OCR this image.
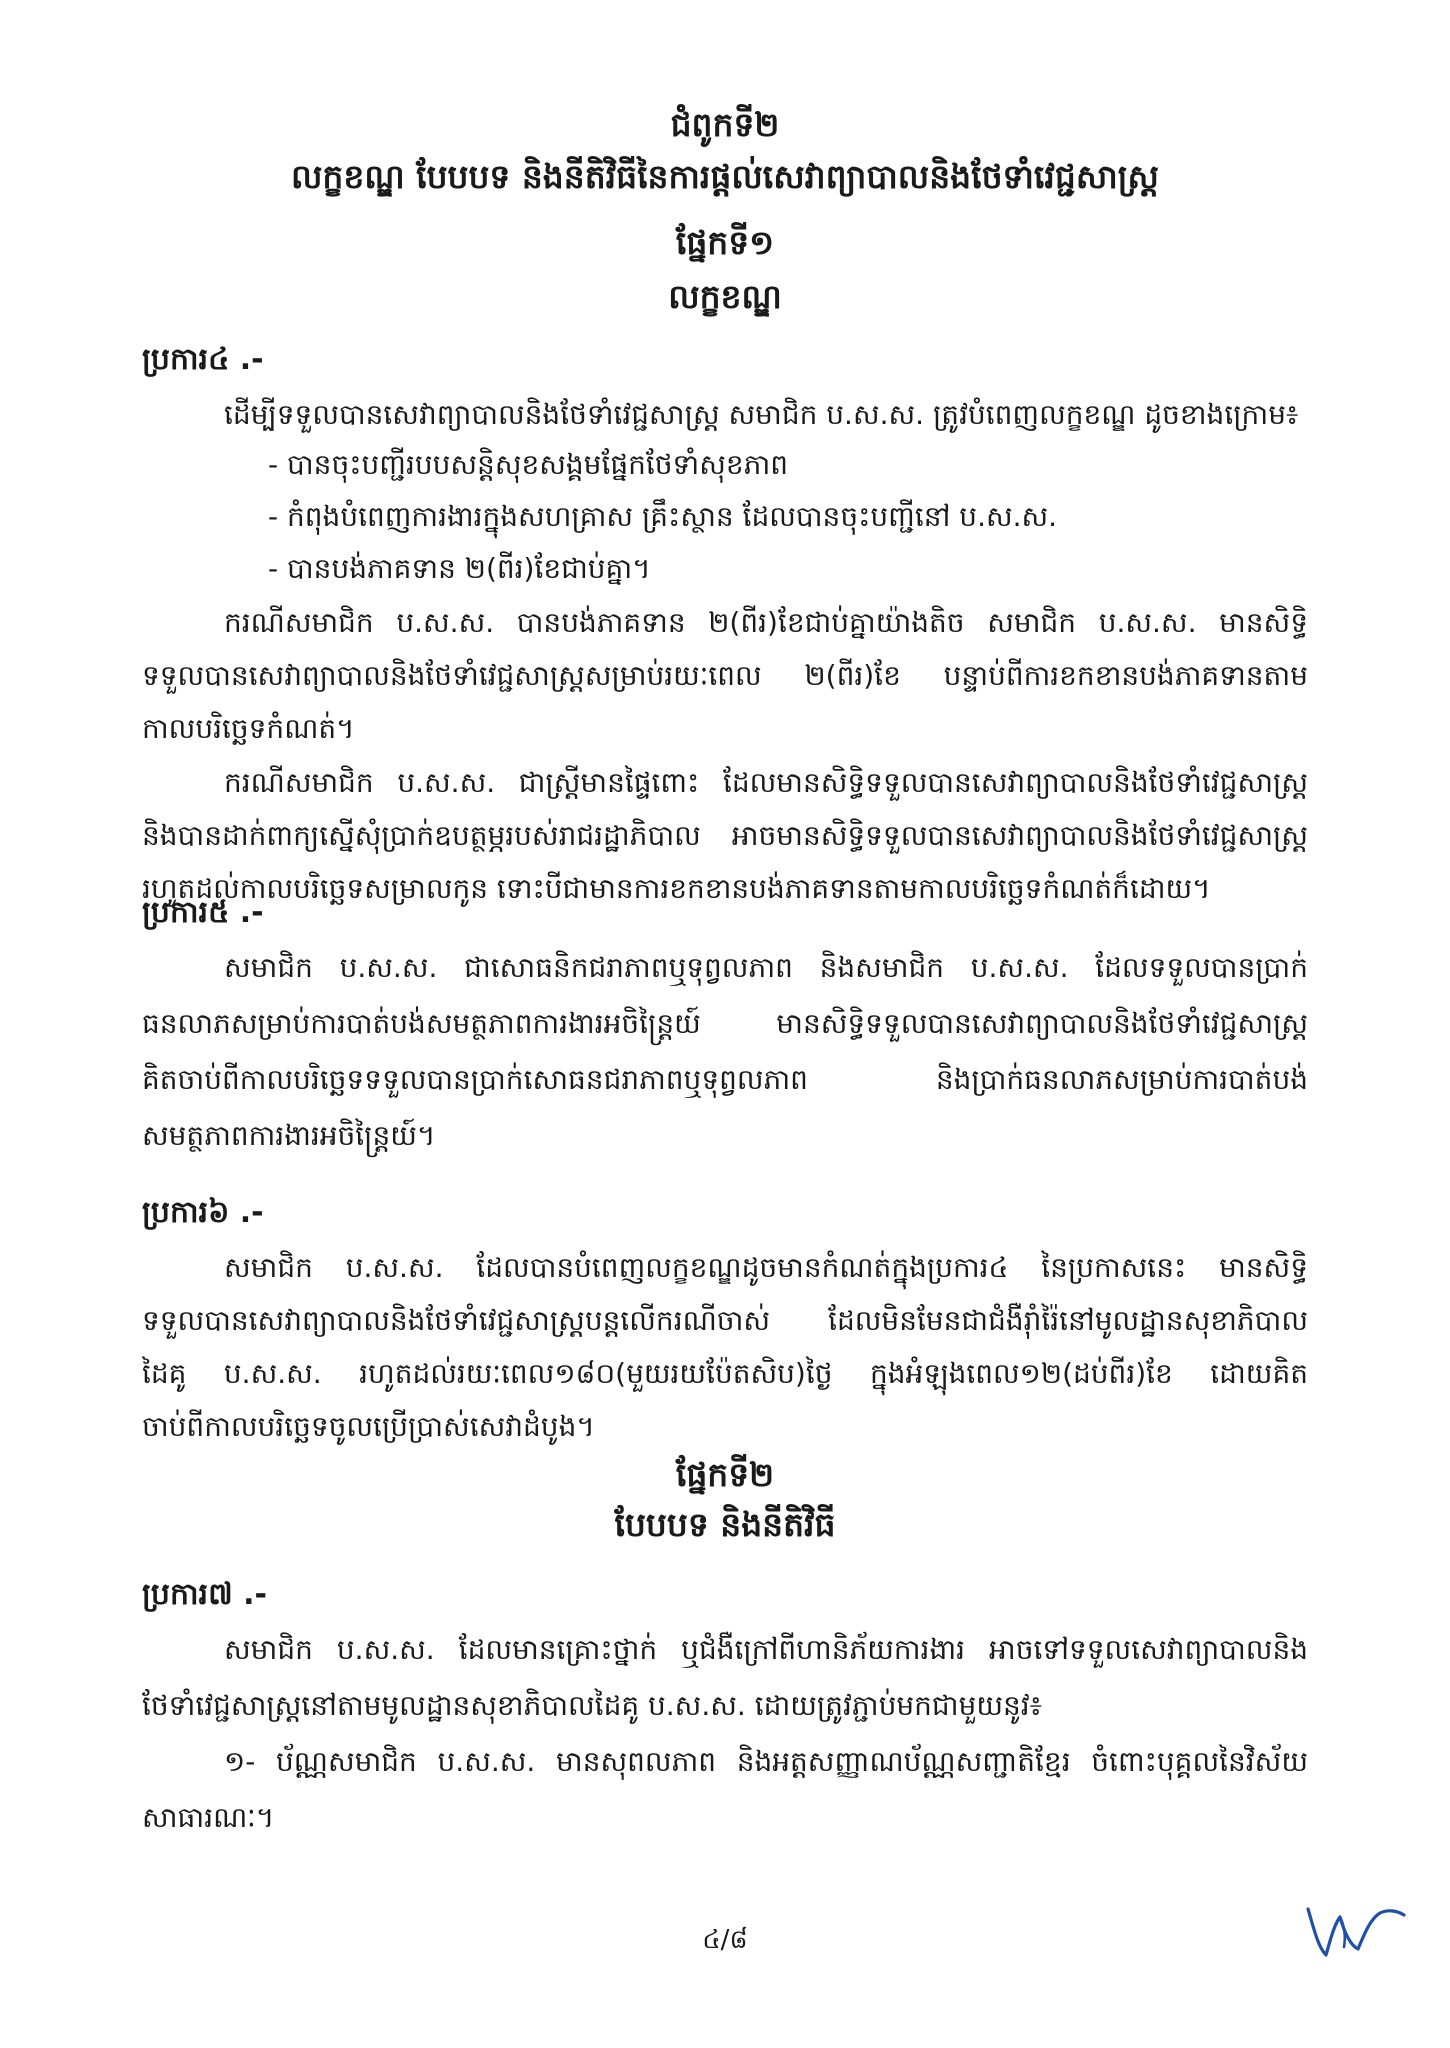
ជំពូកទី២
លក្ខខណ្ឌ បែបបទ និងនីតិវិធីនៃការផ្តល់សេវាព្យាបាលនិងថែទាំវេជ្ជសាស្ត្រ
ផ្នែកទី១
លក្ខខណ្ឌ
ប្រការ៤ .-
ដើម្បីទទួលបានសេវាព្យាបាលនិងថែទាំវេជ្ជសាស្ត្រ សមាជិក ប.ស.ស. ត្រូវបំពេញលក្ខខណ្ឌ ដូចខាងក្រោម៖
- បានចុះបញ្ជីរបបសន្តិសុខសង្គមផ្នែកថែទាំសុខភាព
- កំពុងបំពេញការងារក្នុងសហគ្រាស គ្រឹះស្ថាន ដែលបានចុះបញ្ជីនៅ ប.ស.ស.
- បានបង់ភាគទាន ២(ពីរ)ខែជាប់គ្នា។
ករណីសមាជិក ប.ស.ស. បានបង់ភាគទាន ២(ពីរ)ខែជាប់គ្នាយ៉ាងតិច សមាជិក ប.ស.ស. មានសិទ្ធិ
ទទួលបានសេវាព្យាបាលនិងថែទាំវេជ្ជសាស្ត្រសម្រាប់រយៈពេល ២(ពីរ)ខែ បន្ទាប់ពីការខកខានបង់ភាគទានតាម
កាលបរិច្ឆេទកំណត់។
ករណីសមាជិក ប.ស.ស. ជាស្ត្រីមានផ្ទៃពោះ ដែលមានសិទ្ធិទទួលបានសេវាព្យាបាលនិងថែទាំវេជ្ជសាស្ត្រ
និងបានដាក់ពាក្យស្នើសុំប្រាក់ឧបត្ថម្ភរបស់រាជរដ្ឋាភិបាល អាចមានសិទ្ធិទទួលបានសេវាព្យាបាលនិងថែទាំវេជ្ជសាស្ត្រ
រហូតដល់កាលបរិច្ឆេទសម្រាលកូន ទោះបីជាមានការខកខានបង់ភាគទានតាមកាលបរិច្ឆេទកំណត់ក៏ដោយ។
ប្រការ៥ .-
សមាជិក ប.ស.ស. ជាសោធនិកជរាភាពឬទុព្វលភាព និងសមាជិក ប.ស.ស. ដែលទទួលបានប្រាក់
ធនលាភសម្រាប់ការបាត់បង់សមត្ថភាពការងារអចិន្ត្រៃយ៍ មានសិទ្ធិទទួលបានសេវាព្យាបាលនិងថែទាំវេជ្ជសាស្ត្រ
គិតចាប់ពីកាលបរិច្ឆេទទទួលបានប្រាក់សោធនជរាភាពឬទុព្វលភាព និងប្រាក់ធនលាភសម្រាប់ការបាត់បង់
សមត្ថភាពការងារអចិន្ត្រៃយ៍។
ប្រការ៦ .-
សមាជិក ប.ស.ស. ដែលបានបំពេញលក្ខខណ្ឌដូចមានកំណត់ក្នុងប្រការ៤ នៃប្រកាសនេះ មានសិទ្ធិ
ទទួលបានសេវាព្យាបាលនិងថែទាំវេជ្ជសាស្ត្របន្តលើករណីចាស់ ដែលមិនមែនជាជំងឺរ៉ាំរ៉ៃនៅមូលដ្ឋានសុខាភិបាល
ដៃគូ ប.ស.ស. រហូតដល់រយៈពេល១៨០(មួយរយប៉ែតសិប)ថ្ងៃ ក្នុងអំឡុងពេល១២(ដប់ពីរ)ខែ ដោយគិត
ចាប់ពីកាលបរិច្ឆេទចូលប្រើប្រាស់សេវាដំបូង។
ផ្នែកទី២
បែបបទ និងនីតិវិធី
ប្រការ៧ .-
សមាជិក ប.ស.ស. ដែលមានគ្រោះថ្នាក់ ឬជំងឺក្រៅពីហានិភ័យការងារ អាចទៅទទួលសេវាព្យាបាលនិង
ថែទាំវេជ្ជសាស្ត្រនៅតាមមូលដ្ឋានសុខាភិបាលដៃគូ ប.ស.ស. ដោយត្រូវភ្ជាប់មកជាមួយនូវ៖
១- ប័ណ្ណសមាជិក ប.ស.ស. មានសុពលភាព និងអត្តសញ្ញាណប័ណ្ណសញ្ជាតិខ្មែរ ចំពោះបុគ្គលនៃវិស័យ
សាធារណៈ។
៤/៨
